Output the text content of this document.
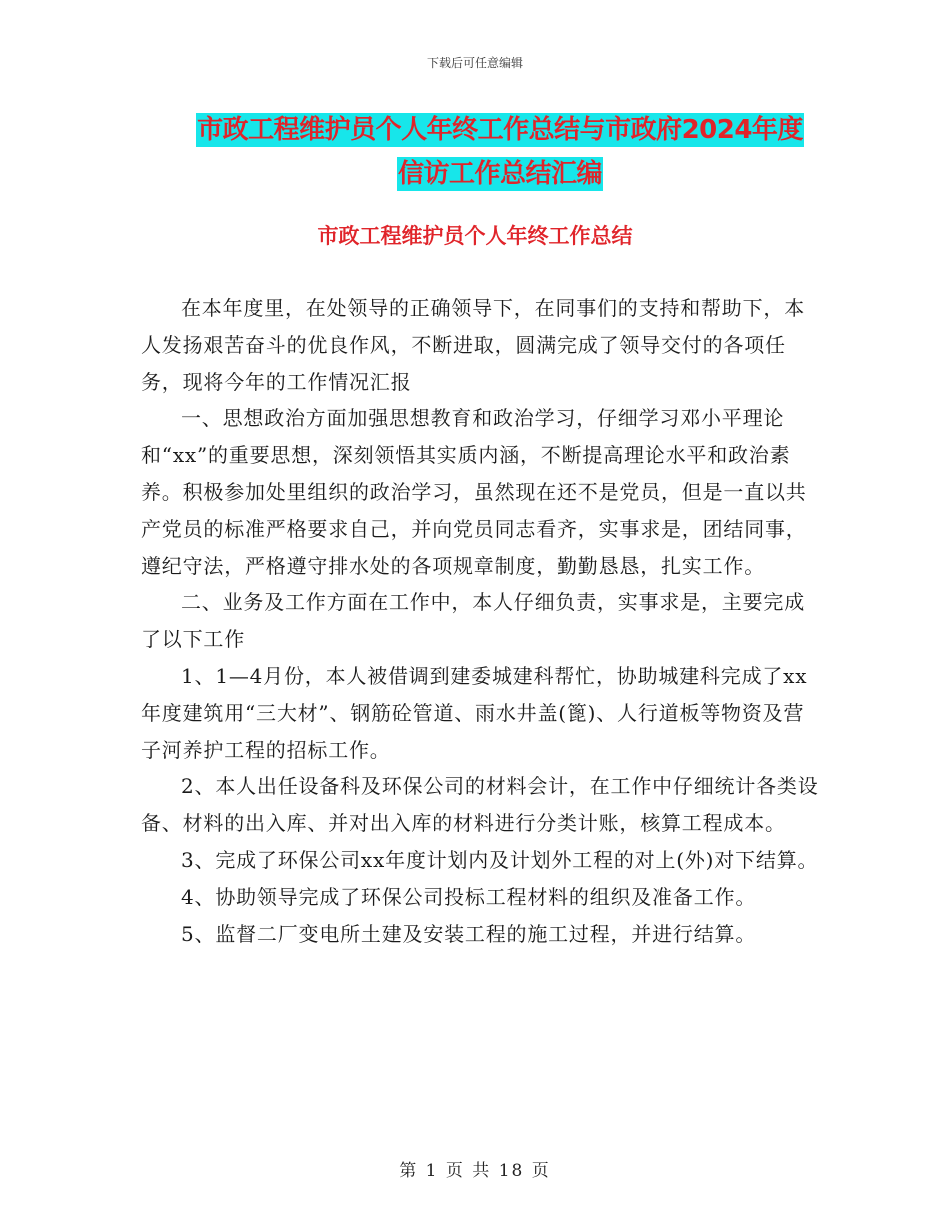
下载后可任意编辑
市政工程维护员个人年终工作总结与市政府2024年度
信访工作总结汇编
市政工程维护员个人年终工作总结

在本年度里，在处领导的正确领导下，在同事们的支持和帮助下，本人发扬艰苦奋斗的优良作风，不断进取，圆满完成了领导交付的各项任务，现将今年的工作情况汇报

一、思想政治方面加强思想教育和政治学习，仔细学习邓小平理论和“xx”的重要思想，深刻领悟其实质内涵，不断提高理论水平和政治素养。积极参加处里组织的政治学习，虽然现在还不是党员，但是一直以共产党员的标准严格要求自己，并向党员同志看齐，实事求是，团结同事，遵纪守法，严格遵守排水处的各项规章制度，勤勤恳恳，扎实工作。

二、业务及工作方面在工作中，本人仔细负责，实事求是，主要完成了以下工作

1、1—4月份，本人被借调到建委城建科帮忙，协助城建科完成了xx年度建筑用“三大材”、钢筋砼管道、雨水井盖(篦)、人行道板等物资及营子河养护工程的招标工作。

2、本人出任设备科及环保公司的材料会计，在工作中仔细统计各类设备、材料的出入库、并对出入库的材料进行分类计账，核算工程成本。

3、完成了环保公司xx年度计划内及计划外工程的对上(外)对下结算。

4、协助领导完成了环保公司投标工程材料的组织及准备工作。

5、监督二厂变电所土建及安装工程的施工过程，并进行结算。

第 1 页 共 18 页
